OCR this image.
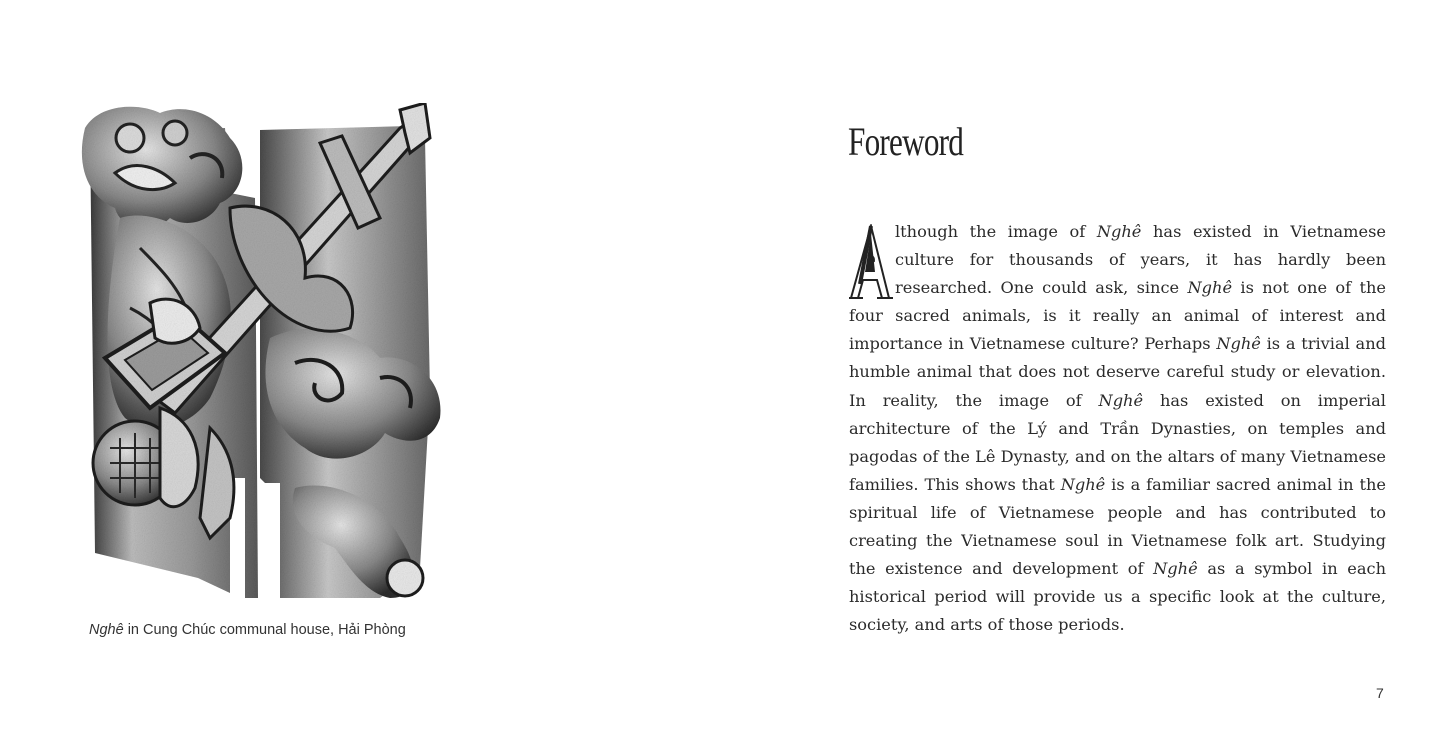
Nghê in Cung Chúc communal house, Hải Phòng
Foreword

lthough the image of Nghê has existed in Vietnamese culture for thousands of years, it has hardly been researched. One could ask, since Nghê is not one of the four sacred animals, is it really an animal of interest and importance in Vietnamese culture? Perhaps Nghê is a trivial and humble animal that does not deserve careful study or elevation. In reality, the image of Nghê has existed on imperial architecture of the Lý and Trần Dynasties, on temples and pagodas of the Lê Dynasty, and on the altars of many Vietnamese families. This shows that Nghê is a familiar sacred animal in the spiritual life of Vietnamese people and has contributed to creating the Vietnamese soul in Vietnamese folk art. Studying the existence and development of Nghê as a symbol in each historical period will provide us a specific look at the culture, society, and arts of those periods.

7
